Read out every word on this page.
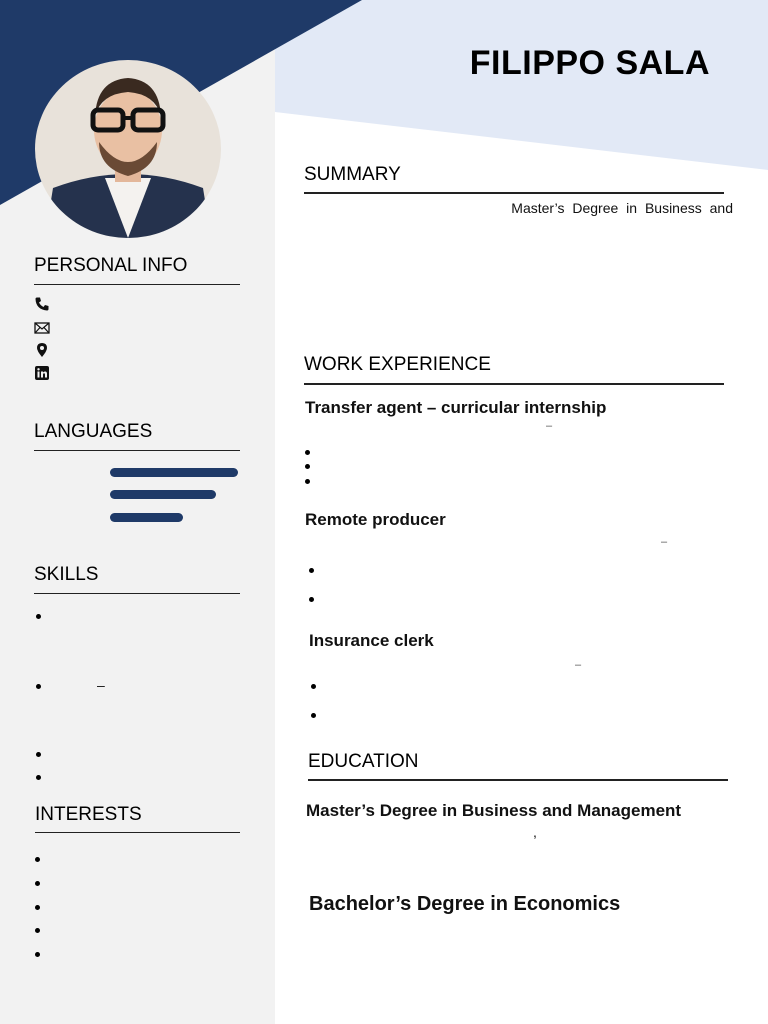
FILIPPO SALA
PERSONAL INFO
LANGUAGES
SKILLS
–
INTERESTS
SUMMARY
Master’s Degree in Business and
WORK EXPERIENCE
Transfer agent – curricular internship
–
Remote producer
–
Insurance clerk
–
EDUCATION
Master’s Degree in Business and Management
,
Bachelor’s Degree in Economics
